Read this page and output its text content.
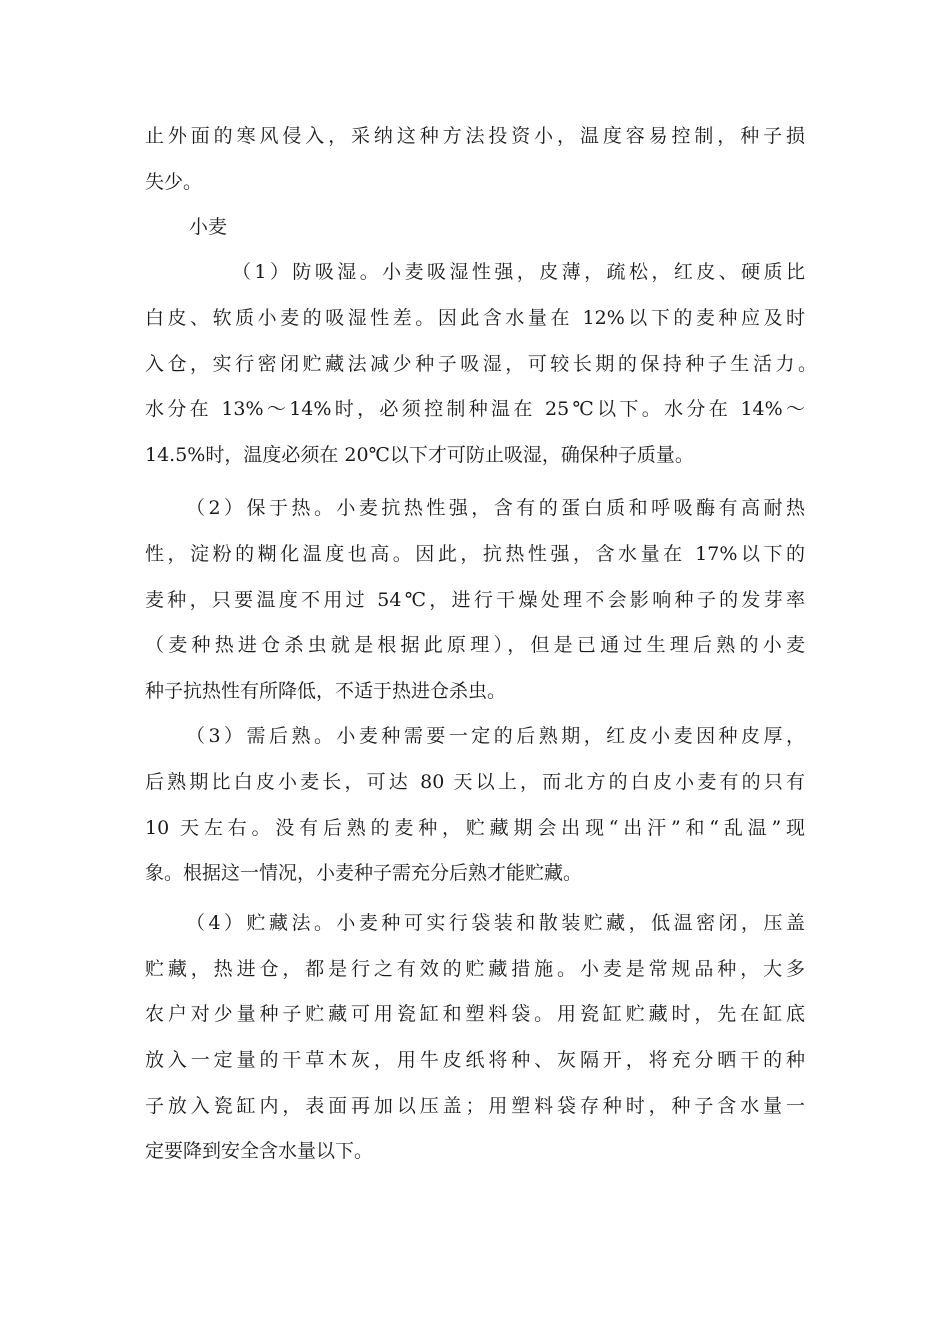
止外面的寒风侵入，采纳这种方法投资小，温度容易控制，种子损
失少。
小麦
（1）防吸湿。小麦吸湿性强，皮薄，疏松，红皮、硬质比
白皮、软质小麦的吸湿性差。因此含水量在 12%以下的麦种应及时
入仓，实行密闭贮藏法减少种子吸湿，可较长期的保持种子生活力。
水分在 13%～14%时，必须控制种温在 25℃以下。水分在 14%～
14.5%时，温度必须在 20℃以下才可防止吸湿，确保种子质量。
（2）保于热。小麦抗热性强，含有的蛋白质和呼吸酶有高耐热
性，淀粉的糊化温度也高。因此，抗热性强，含水量在 17%以下的
麦种，只要温度不用过 54℃，进行干燥处理不会影响种子的发芽率
（麦种热进仓杀虫就是根据此原理），但是已通过生理后熟的小麦
种子抗热性有所降低，不适于热进仓杀虫。
（3）需后熟。小麦种需要一定的后熟期，红皮小麦因种皮厚，
后熟期比白皮小麦长，可达 80 天以上，而北方的白皮小麦有的只有
10 天左右。没有后熟的麦种，贮藏期会出现“出汗”和“乱温”现
象。根据这一情况，小麦种子需充分后熟才能贮藏。
（4）贮藏法。小麦种可实行袋装和散装贮藏，低温密闭，压盖
贮藏，热进仓，都是行之有效的贮藏措施。小麦是常规品种，大多
农户对少量种子贮藏可用瓷缸和塑料袋。用瓷缸贮藏时，先在缸底
放入一定量的干草木灰，用牛皮纸将种、灰隔开，将充分晒干的种
子放入瓷缸内，表面再加以压盖；用塑料袋存种时，种子含水量一
定要降到安全含水量以下。
